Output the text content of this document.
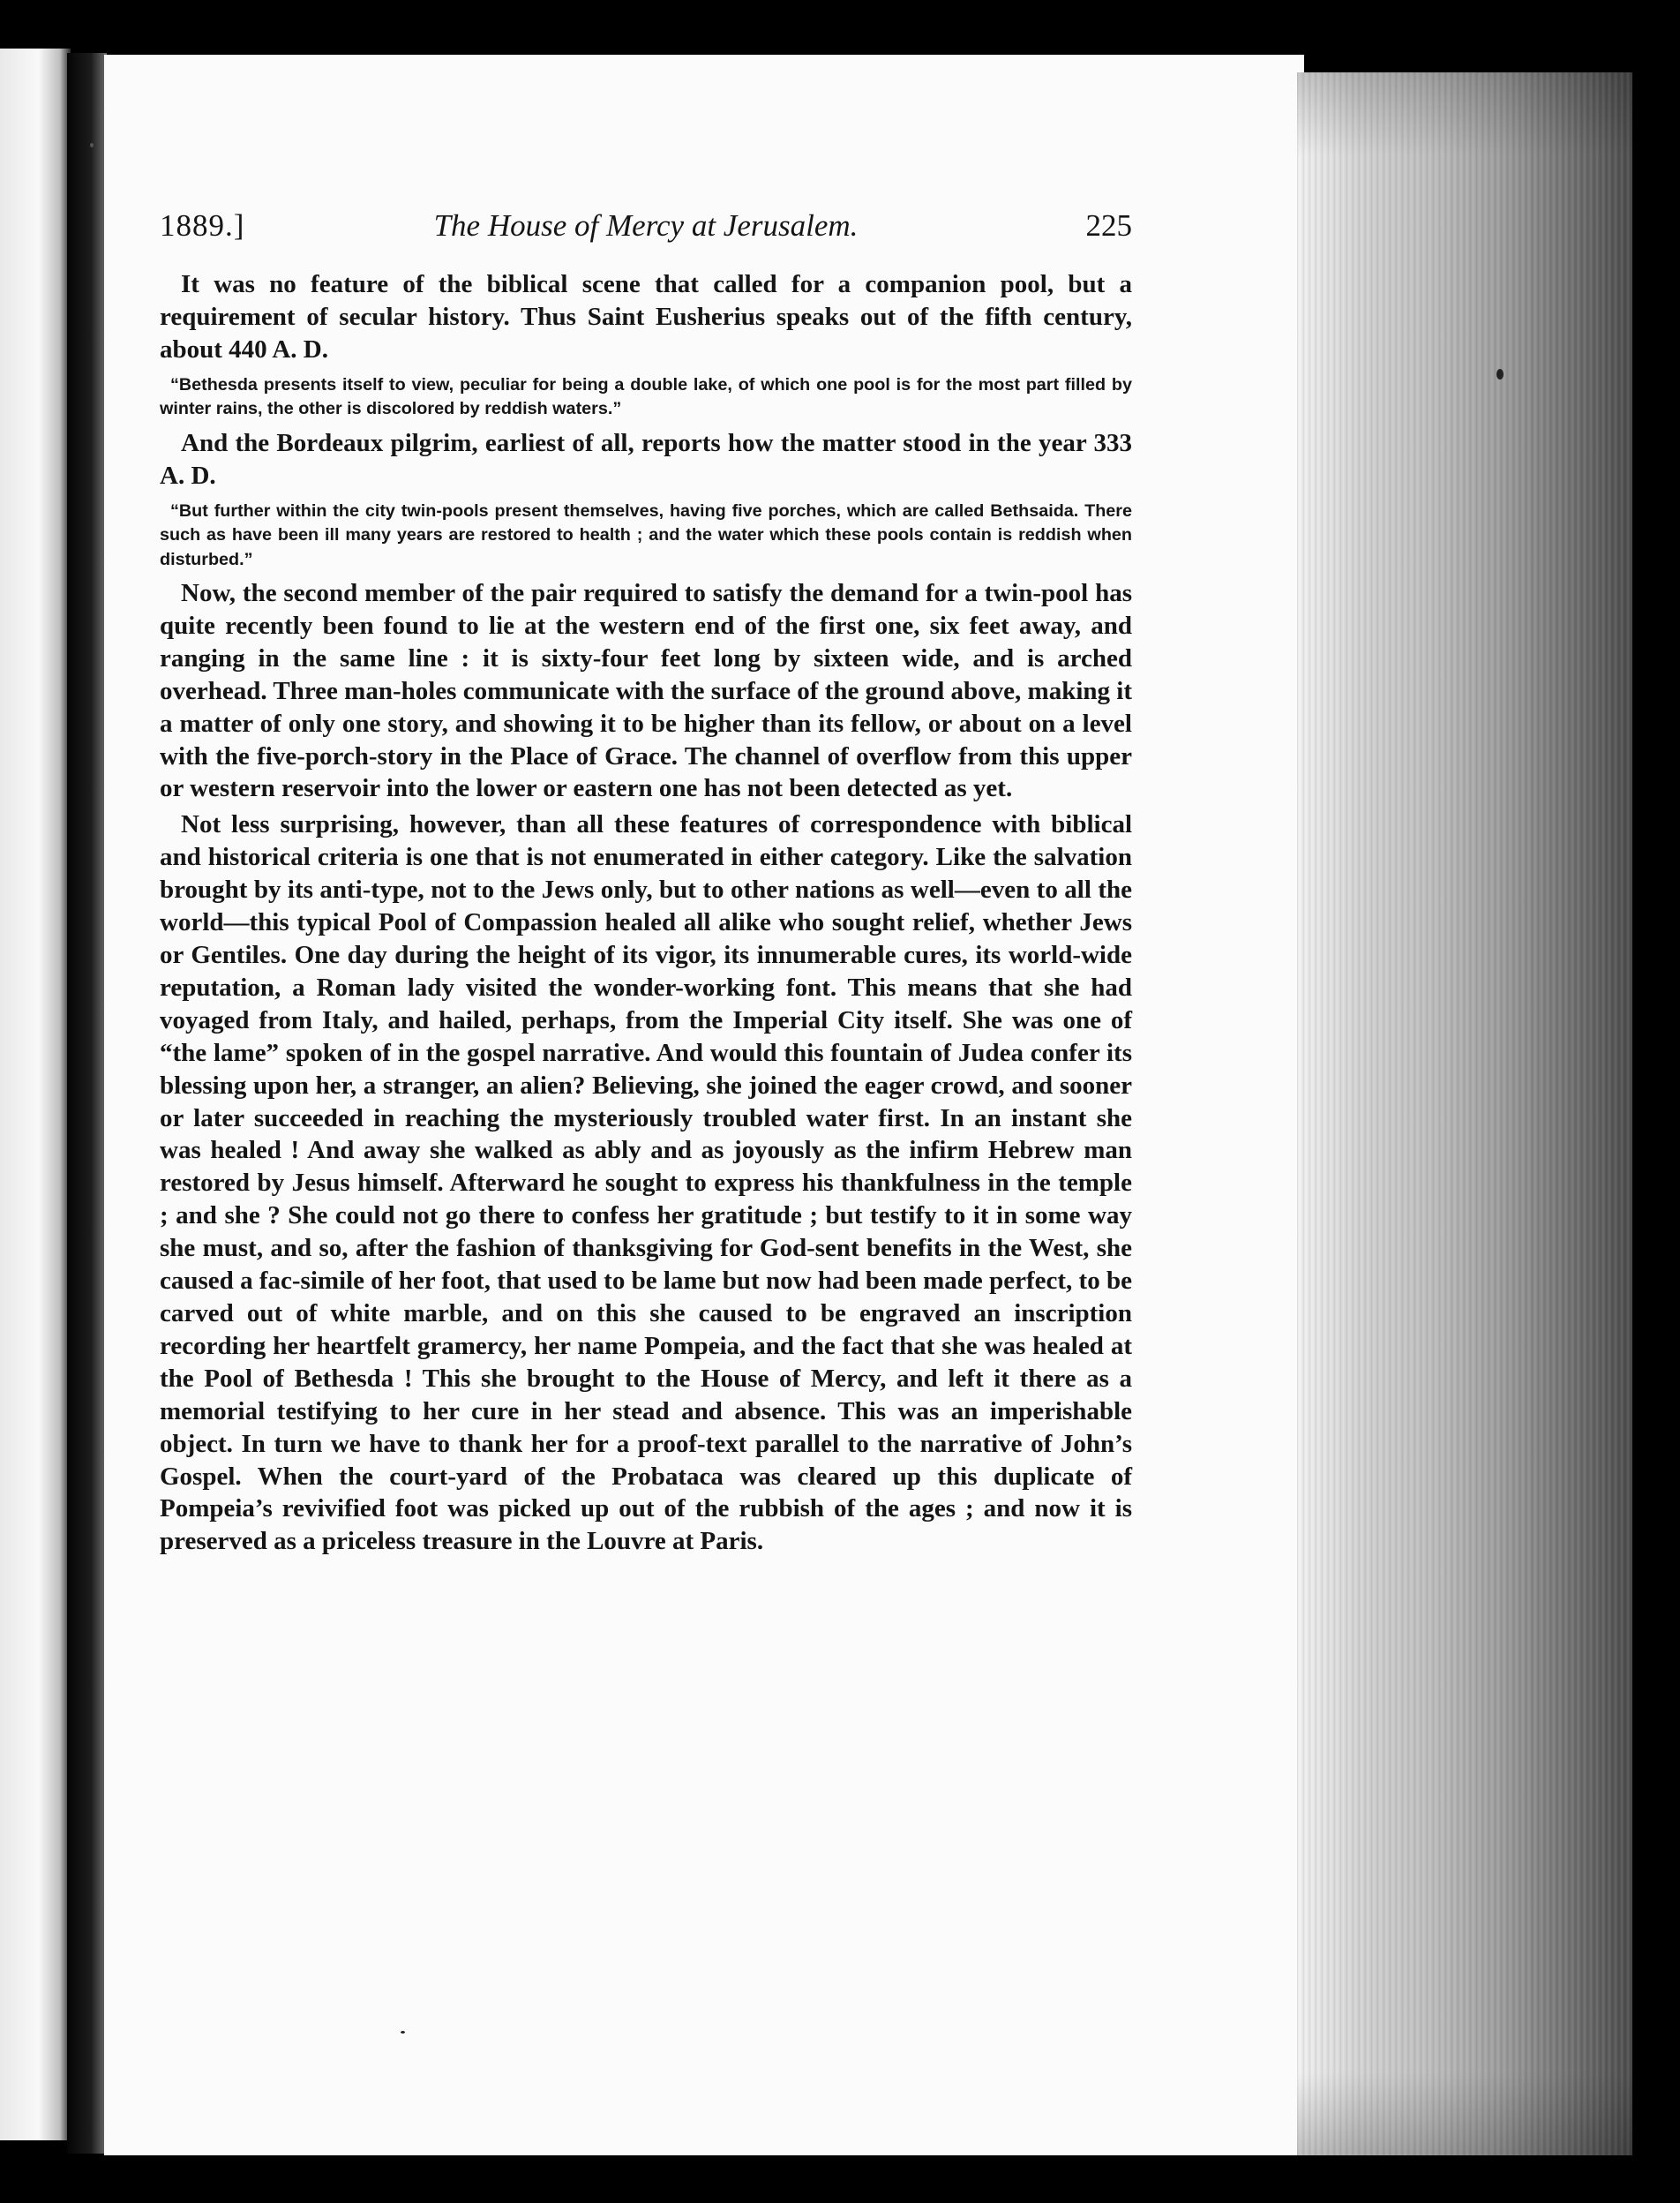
1889.]	The House of Mercy at Jerusalem.	225

It was no feature of the biblical scene that called for a companion pool, but a requirement of secular history. Thus Saint Eusherius speaks out of the fifth century, about 440 A. D.

“Bethesda presents itself to view, peculiar for being a double lake, of which one pool is for the most part filled by winter rains, the other is discolored by reddish waters.”

And the Bordeaux pilgrim, earliest of all, reports how the matter stood in the year 333 A. D.

“But further within the city twin-pools present themselves, having five porches, which are called Bethsaida. There such as have been ill many years are restored to health ; and the water which these pools contain is reddish when disturbed.”

Now, the second member of the pair required to satisfy the demand for a twin-pool has quite recently been found to lie at the western end of the first one, six feet away, and ranging in the same line : it is sixty-four feet long by sixteen wide, and is arched overhead. Three man-holes communicate with the surface of the ground above, making it a matter of only one story, and showing it to be higher than its fellow, or about on a level with the five-porch-story in the Place of Grace. The channel of overflow from this upper or western reservoir into the lower or eastern one has not been detected as yet.

Not less surprising, however, than all these features of correspondence with biblical and historical criteria is one that is not enumerated in either category. Like the salvation brought by its anti-type, not to the Jews only, but to other nations as well—even to all the world—this typical Pool of Compassion healed all alike who sought relief, whether Jews or Gentiles. One day during the height of its vigor, its innumerable cures, its world-wide reputation, a Roman lady visited the wonder-working font. This means that she had voyaged from Italy, and hailed, perhaps, from the Imperial City itself. She was one of “the lame” spoken of in the gospel narrative. And would this fountain of Judea confer its blessing upon her, a stranger, an alien? Believing, she joined the eager crowd, and sooner or later succeeded in reaching the mysteriously troubled water first. In an instant she was healed ! And away she walked as ably and as joyously as the infirm Hebrew man restored by Jesus himself. Afterward he sought to express his thankfulness in the temple ; and she ? She could not go there to confess her gratitude ; but testify to it in some way she must, and so, after the fashion of thanksgiving for God-sent benefits in the West, she caused a fac-simile of her foot, that used to be lame but now had been made perfect, to be carved out of white marble, and on this she caused to be engraved an inscription recording her heartfelt gramercy, her name Pompeia, and the fact that she was healed at the Pool of Bethesda ! This she brought to the House of Mercy, and left it there as a memorial testifying to her cure in her stead and absence. This was an imperishable object. In turn we have to thank her for a proof-text parallel to the narrative of John’s Gospel. When the court-yard of the Probataca was cleared up this duplicate of Pompeia’s revivified foot was picked up out of the rubbish of the ages ; and now it is preserved as a priceless treasure in the Louvre at Paris.
